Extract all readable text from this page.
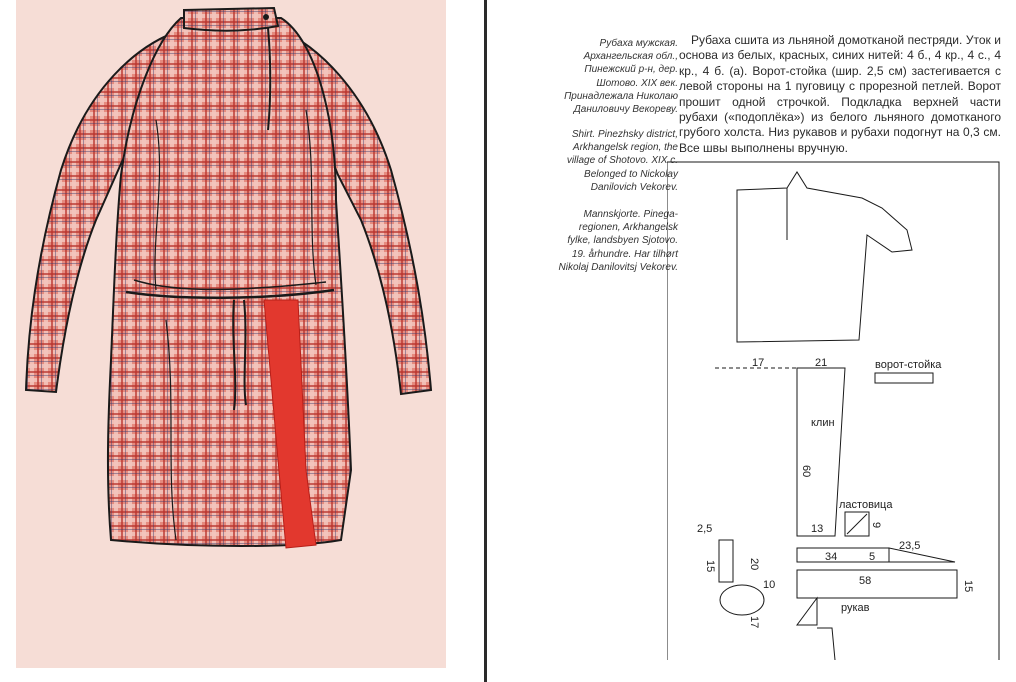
Рубаха мужская.
Архангельская обл.,
Пинежский р-н, дер.
Шотово. XIX век.
Принадлежала Николаю
Даниловичу Векореву.
Shirt. Pinezhsky district,
Arkhangelsk region, the
village of Shotovo. XIX c.
Belonged to Nickolay
Danilovich Vekorev.
Mannskjorte. Pinega-
regionen, Arkhangelsk
fylke, landsbyen Sjotovo.
19. århundre. Har tilhørt
Nikolaj Danilovitsj Vekorev.
Рубаха сшита из льняной домотканой пестряди. Уток и основа из белых, красных, синих нитей: 4 б., 4 кр., 4 с., 4 кр., 4 б. (а). Ворот-стойка (шир. 2,5 см) застегивается с левой стороны на 1 пуговицу с прорезной петлей. Ворот прошит одной строчкой. Подкладка верхней части рубахи («подоплёка») из белого льняного домотканого грубого холста. Низ рукавов и рубахи подогнут на 0,3 см. Все швы выполнены вручную.
17	21	ворот-стойка
клин
60
13
ластовица
9
2,5
15	20
34	5
23,5
10	58
рукав
15
17
